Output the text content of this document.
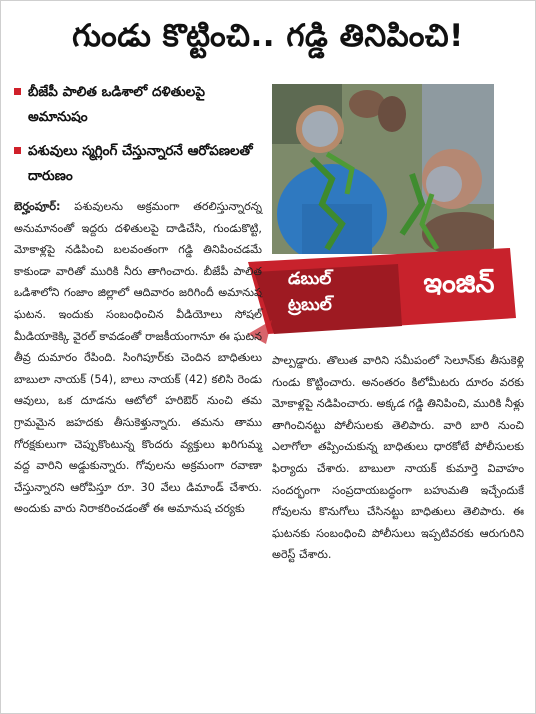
గుండు కొట్టించి.. గడ్డి తినిపించి!
బీజేపీ పాలిత ఒడిశాలో దళితులపై అమానుషం
పశువులు స్మగ్లింగ్ చేస్తున్నారనే ఆరోపణలతో దారుణం
డబుల్
ట్రబుల్
ఇంజిన్
బెర్హంపూర్: పశువులను అక్రమంగా తరలిస్తున్నారన్న అనుమానంతో ఇద్దరు దళితులపై దాడిచేసి, గుండుకొట్టి, మోకాళ్లపై నడిపించి బలవంతంగా గడ్డి తినిపించడమే కాకుండా వారితో మురికి నీరు తాగించారు. బీజేపీ పాలిత ఒడిశాలోని గంజాం జిల్లాలో ఆదివారం జరిగిందీ అమానుష ఘటన. ఇందుకు సంబంధించిన వీడియోలు సోషల్ మీడియాకెక్కి వైరల్ కావడంతో రాజకీయంగానూ ఈ ఘటన తీవ్ర దుమారం రేపింది. సింగిపూర్‌కు చెందిన బాధితులు బాబులా నాయక్ (54), బాలు నాయక్ (42) కలిసి రెండు ఆవులు, ఒక దూడను ఆటోలో హరిఔర్ నుంచి తమ గ్రామమైన జహదకు తీసుకెళ్తున్నారు. తమను తాము గోరక్షకులుగా చెప్పుకొంటున్న కొందరు వ్యక్తులు ఖరిగుమ్మ వద్ద వారిని అడ్డుకున్నారు. గోవులను అక్రమంగా రవాణా చేస్తున్నారని ఆరోపిస్తూ రూ. 30 వేలు డిమాండ్ చేశారు. అందుకు వారు నిరాకరించడంతో ఈ అమానుష చర్యకు
పాల్పడ్డారు. తొలుత వారిని సమీపంలో సెలూన్‌కు తీసుకెళ్లి గుండు కొట్టించారు. అనంతరం కిలోమీటరు దూరం వరకు మోకాళ్లపై నడిపించారు. అక్కడ గడ్డి తినిపించి, మురికి నీళ్లు తాగించినట్టు పోలీసులకు తెలిపారు. వారి బారి నుంచి ఎలాగోలా తప్పించుకున్న బాధితులు ధారకోటే పోలీసులకు ఫిర్యాదు చేశారు. బాబులా నాయక్ కుమార్తె వివాహం సందర్భంగా సంప్రదాయబద్ధంగా బహుమతి ఇచ్చేందుకే గోవులను కొనుగోలు చేసినట్టు బాధితులు తెలిపారు. ఈ ఘటనకు సంబంధించి పోలీసులు ఇప్పటివరకు ఆరుగురిని అరెస్ట్ చేశారు.
